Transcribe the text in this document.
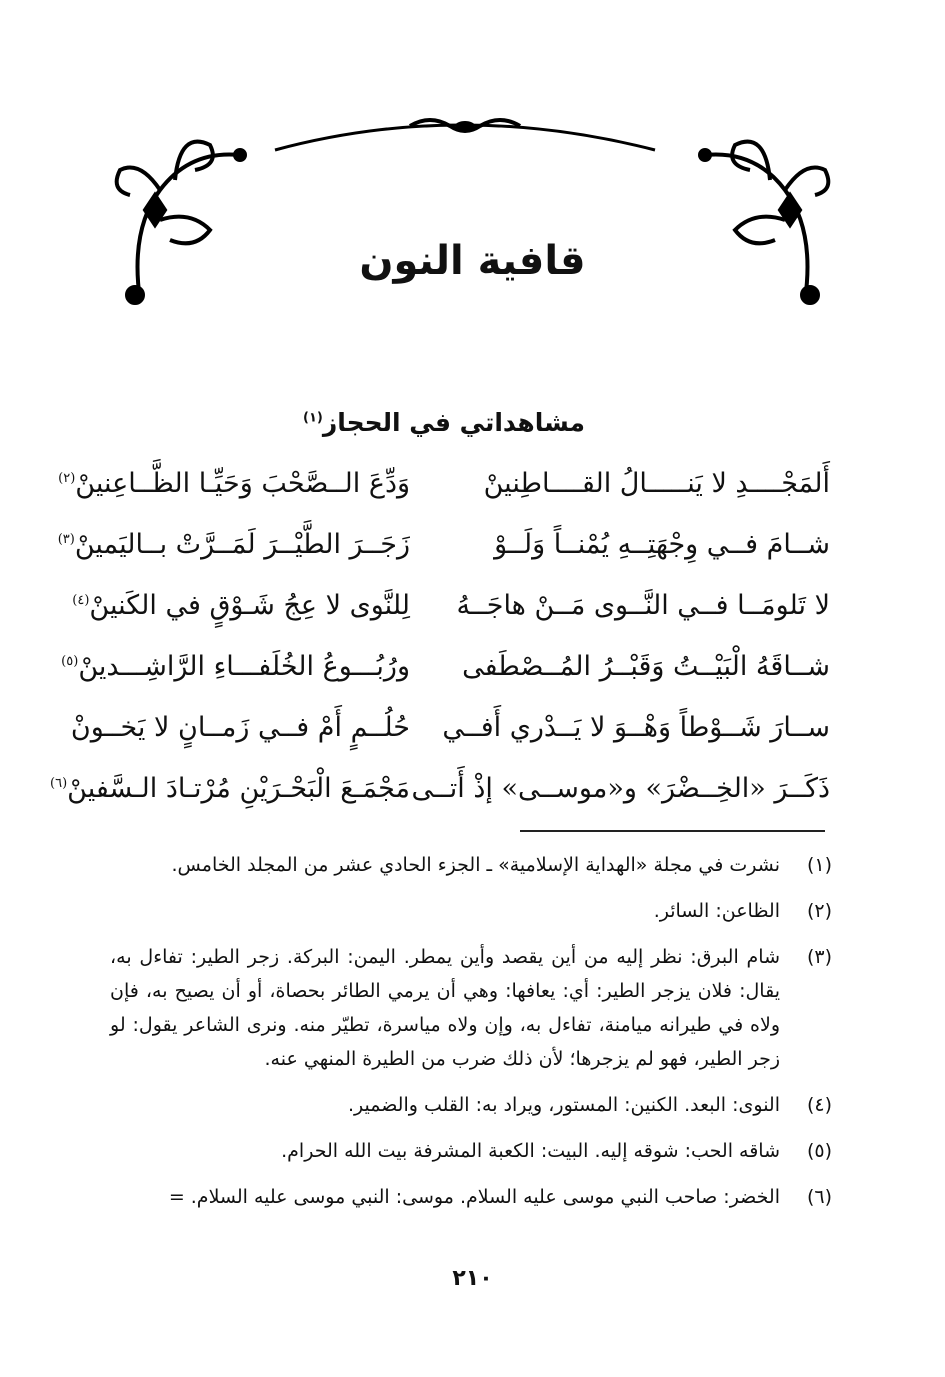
قافية النون
مشاهداتي في الحجاز$^{(١)}$
أَلمَجْــــدِ لا يَنـــــالُ القــــاطِنينْ
وَدِّعَ الــصَّحْبَ وَحَيِّـا الظَّــاعِنينْ$^{(٢)}$
شــامَ فــي وِجْهَتِــهِ يُمْنــاً وَلَــوْ
زَجَــرَ الطَّيْــرَ لَمَــرَّتْ بــاليَمينْ$^{(٣)}$
لا تَلومَــا فــي النَّــوى مَــنْ هاجَــهُ
لِلنَّوى لا عِجُ شَـوْقٍ في الكَنينْ$^{(٤)}$
شــاقَهُ الْبَيْــتُ وَقَبْــرُ المُــصْطَفى
ورُبُـــوعُ الخُلَفـــاءِ الرَّاشِـــدينْ$^{(٥)}$
ســارَ شَــوْطاً وَهْــوَ لا يَــدْري أَفــي
حُلُــمٍ أَمْ فــي زَمــانٍ لا يَخــونْ
ذَكَــرَ «الخِــضْرَ» و«موســى» إذْ أَتــى
مَجْمَـعَ الْبَحْـرَيْنِ مُرْتـادَ الـسَّفينْ$^{(٦)}$
(١)
نشرت في مجلة «الهداية الإسلامية» ـ الجزء الحادي عشر من المجلد الخامس.
(٢)
الظاعن: السائر.
(٣)
شام البرق: نظر إليه من أين يقصد وأين يمطر. اليمن: البركة. زجر الطير: تفاءل به، يقال: فلان يزجر الطير: أي: يعافها: وهي أن يرمي الطائر بحصاة، أو أن يصيح به، فإن ولاه في طيرانه ميامنة، تفاءل به، وإن ولاه مياسرة، تطيّر منه. ونرى الشاعر يقول: لو زجر الطير، فهو لم يزجرها؛ لأن ذلك ضرب من الطيرة المنهي عنه.
(٤)
النوى: البعد. الكنين: المستور، ويراد به: القلب والضمير.
(٥)
شاقه الحب: شوقه إليه. البيت: الكعبة المشرفة بيت الله الحرام.
(٦)
الخضر: صاحب النبي موسى عليه السلام. موسى: النبي موسى عليه السلام. =
٢١٠
